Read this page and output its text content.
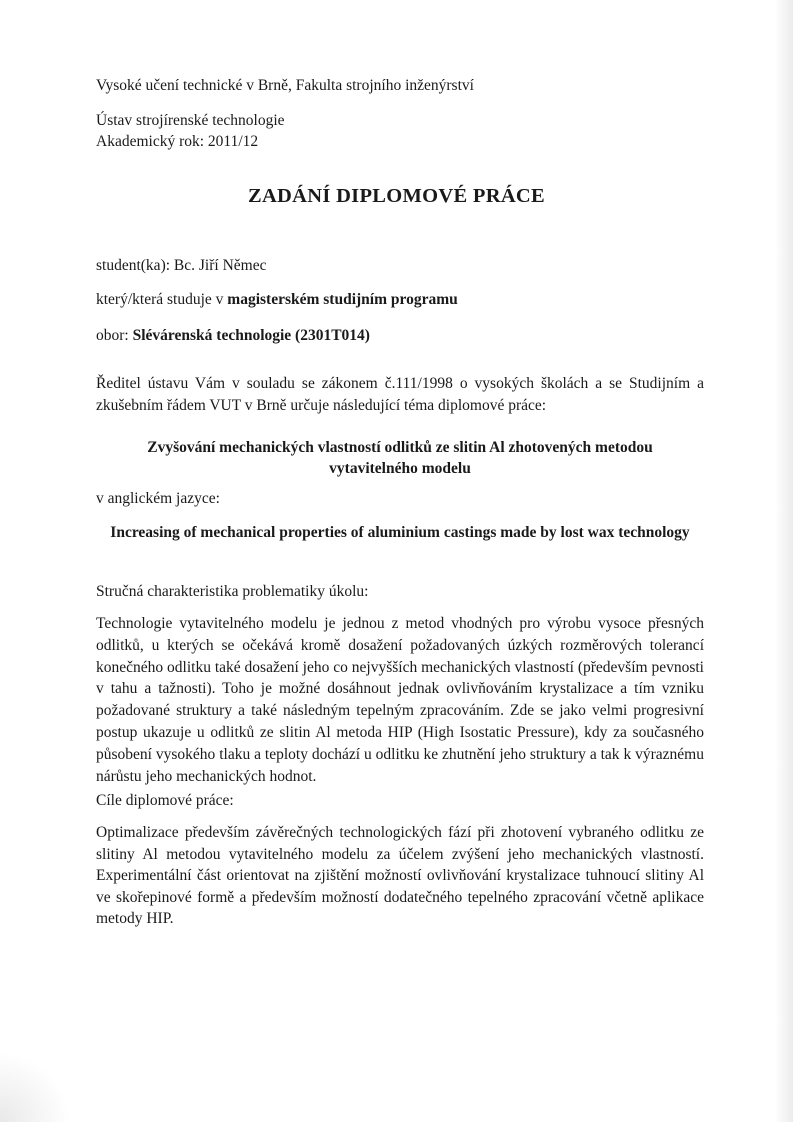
Vysoké učení technické v Brně, Fakulta strojního inženýrství

Ústav strojírenské technologie

Akademický rok: 2011/12

ZADÁNÍ DIPLOMOVÉ PRÁCE
student(ka): Bc. Jiří Němec
který/která studuje v magisterském studijním programu
obor: Slévárenská technologie (2301T014)
Ředitel ústavu Vám v souladu se zákonem č.111/1998 o vysokých školách a se Studijním a zkušebním řádem VUT v Brně určuje následující téma diplomové práce:
Zvyšování mechanických vlastností odlitků ze slitin Al zhotovených metodou
vytavitelného modelu
v anglickém jazyce:
Increasing of mechanical properties of aluminium castings made by lost wax technology
Stručná charakteristika problematiky úkolu:
Technologie vytavitelného modelu je jednou z metod vhodných pro výrobu vysoce přesných odlitků, u kterých se očekává kromě dosažení požadovaných úzkých rozměrových tolerancí konečného odlitku také dosažení jeho co nejvyšších mechanických vlastností (především pevnosti v tahu a tažnosti). Toho je možné dosáhnout jednak ovlivňováním krystalizace a tím vzniku požadované struktury a také následným tepelným zpracováním. Zde se jako velmi progresivní postup ukazuje u odlitků ze slitin Al metoda HIP (High Isostatic Pressure), kdy za současného působení vysokého tlaku a teploty dochází u odlitku ke zhutnění jeho struktury a tak k výraznému nárůstu jeho mechanických hodnot.
Cíle diplomové práce:
Optimalizace především závěrečných technologických fází při zhotovení vybraného odlitku ze slitiny Al metodou vytavitelného modelu za účelem zvýšení jeho mechanických vlastností. Experimentální část orientovat na zjištění možností ovlivňování krystalizace tuhnoucí slitiny Al ve skořepinové formě a především možností dodatečného tepelného zpracování včetně aplikace metody HIP.
